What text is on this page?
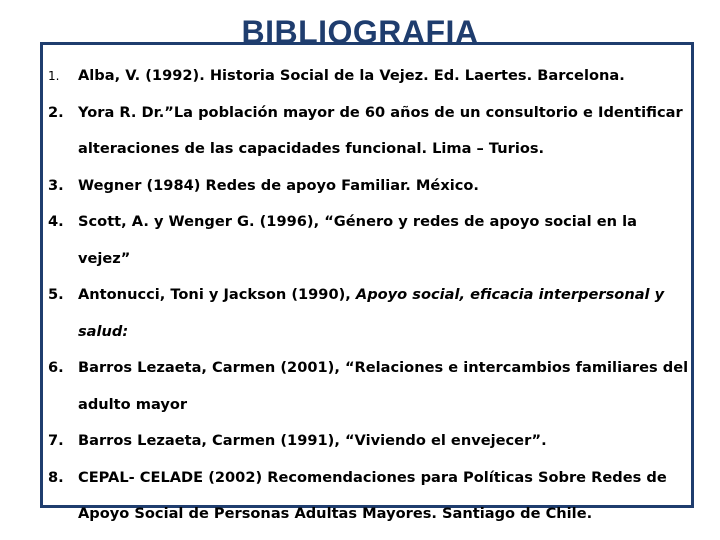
BIBLIOGRAFIA
1.	Alba, V. (1992). Historia Social de la Vejez. Ed. Laertes. Barcelona.
2. Yora R. Dr.”La población mayor de 60 años de un consultorio e Identificar alteraciones de las capacidades funcional. Lima – Turios.
3. Wegner (1984) Redes de apoyo Familiar. México.
4. Scott, A. y Wenger G. (1996), “Género y redes de apoyo social en la vejez”
5. Antonucci, Toni y Jackson (1990), Apoyo social, eficacia interpersonal y salud:
6. Barros Lezaeta, Carmen (2001), “Relaciones e intercambios familiares del adulto mayor
7. Barros Lezaeta, Carmen (1991), “Viviendo el envejecer”.
8. CEPAL- CELADE (2002) Recomendaciones para Políticas Sobre Redes de Apoyo Social de Personas Adultas Mayores. Santiago de Chile.
